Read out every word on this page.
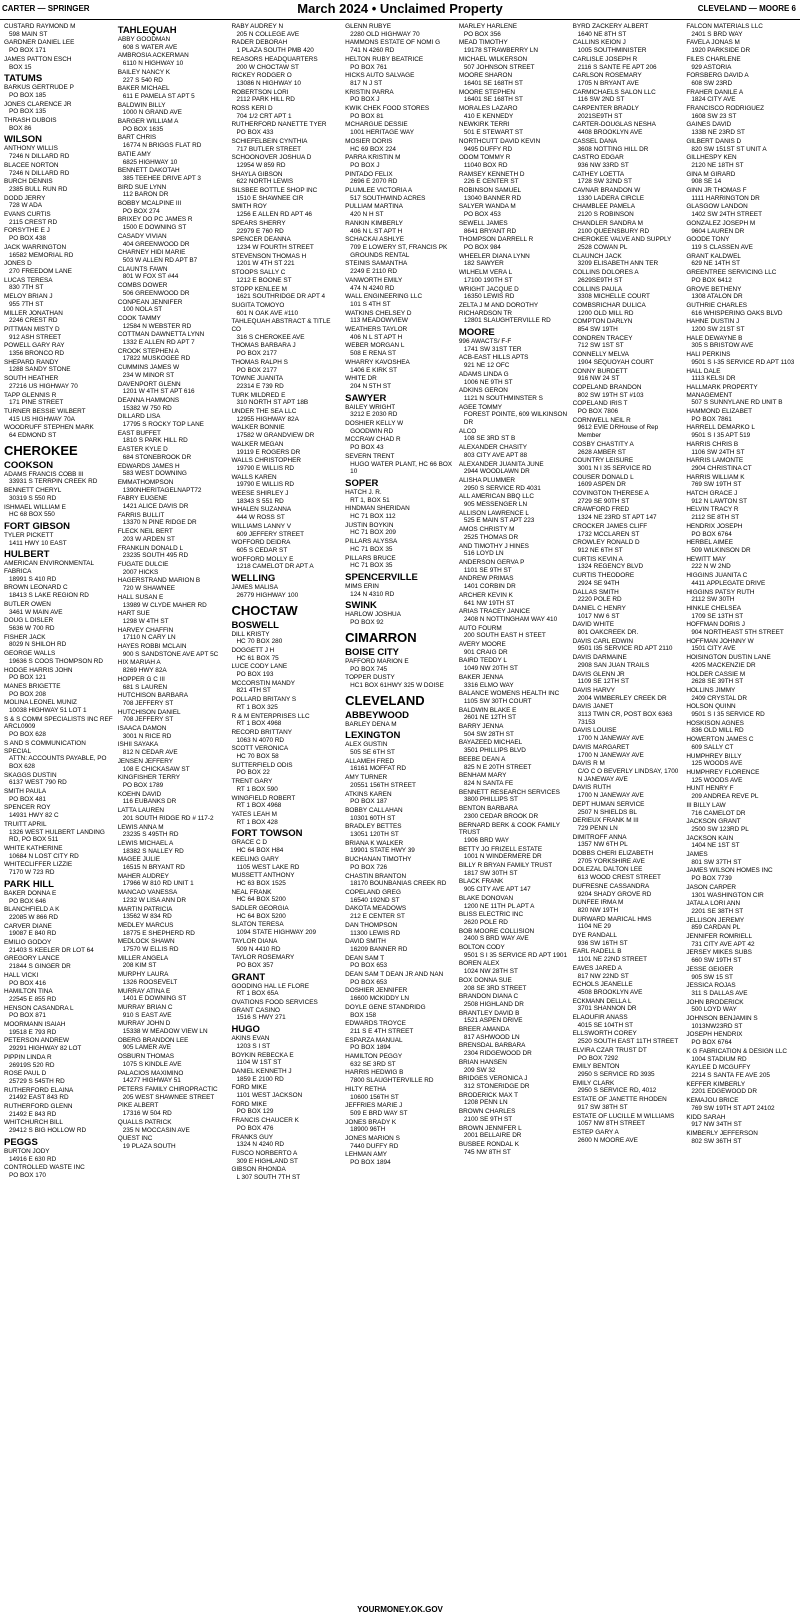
CARTER — SPRINGER	March 2024 • Unclaimed Property	CLEVELAND — MOORE 6
CUSTARD RAYMOND M
598 MAIN ST
GARDNER DANIEL LEE
PO BOX 171
JAMES PATTON ESCH
BOX 15
TATUMS
BARKUS GERTRUDE P
PO BOX 185
JONES CLARENCE JR
PO BOX 135
THRASH DUBOIS
BOX 86
WILSON
ANTHONY WILLIS
7246 N DILLARD RD
BLACEE NORTON
7246 N DILLARD RD
BURCH DENNIS
2385 BULL RUN RD
DODD JERRY
728 W ADA
EVANS CURTIS
2115 CREST RD
FORSYTHE E J
PO BOX 438
JACK WARRINGTON
16582 MEMORIAL RD
JONES D
270 FREEDOM LANE
LUCAS TERESA
830 7TH ST
MELOY BRIAN J
955 7TH ST
MILLER JONATHAN
2246 CREST RD
PITTMAN MISTY D
912 ASH STREET
POWELL GARY RAY
1356 BRONCO RD
SHEPARD RANDY
1288 SANDY STONE
SOUTH HEATHER
27216 US HIGHWAY 70
TAPP GLENNIS R
171 PINE STREET
TURNER BESSIE WILBERT
415 US HIGHWAY 70A
WOODRUFF STEPHEN MARK
64 EDMOND ST
CHEROKEE
COOKSON
ADAMS FRANCIS COBB III
33931 S TERRPIN CREEK RD
BENNETT CHERYL
30319 S 550 RD
ISHMAEL WILLIAM E
HC 68 BOX 550
FORT GIBSON
TYLER PICKETT
1411 HWY 10 EAST
HULBERT
AMERICAN ENVIRONMENTAL FABRICA
18991 S 410 RD
BROWN LEONARD C
18413 S LAKE REGION RD
BUTLER OWEN
3461 W MAIN AVE
DOUG L DISLER
5636 W 700 RD
FISHER JACK
8029 N SHILOH RD
GEORGE WALLS
19636 S COOS THOMPSON RD
HODGE HARRIS JOHN
PO BOX 121
MANES BRIGETTE
PO BOX 208
MOLINA LEONEL MUNIZ
10038 HIGHWAY 51 LOT 1
S & S COMM SPECIALISTS INC REF ARCL0909
PO BOX 628
S AND S COMMUNICATION SPECIAL
ATTN: ACCOUNTS PAYABLE, PO BOX 628
SKAGGS DUSTIN
6137 WEST 790 RD
SMITH PAULA
PO BOX 481
SPENCER ROY
14931 HWY 82 C
TRUITT APRIL
1326 WEST HULBERT LANDING RD, PO BOX 511
WHITE KATHERINE
10684 N LOST CITY RD
WHITECLIFFER LIZZIE
7170 W 723 RD
PARK HILL
BAKER DONNA E
PO BOX 646
BLANCHFIELD A K
22085 W 866 RD
CARVER DIANE
19087 E 840 RD
EMILIO GODOY
21403 S KEELER DR LOT 64
GREGORY LANCE
21844 S GINGER DR
HALL VICKI
PO BOX 416
HAMILTON TINA
22545 E 855 RD
HENSON CASANDRA L
PO BOX 871
MOORMANN ISAIAH
19518 E 793 RD
PETERSON ANDREW
29291 HIGHWAY 82 LOT
PIPPIN LINDA R
26919S 520 RD
ROSE PAUL D
25729 S 545TH RD
RUTHERFORD ELAINA
21492 EAST 843 RD
RUTHERFORD GLENN
21492 E 843 RD
WHITCHURCH BILL
29412 S BIG HOLLOW RD
PEGGS
BURTON JODY
14916 E 630 RD
CONTROLLED WASTE INC
PO BOX 170
TAHLEQUAH
ABBY GOODMAN
608 S WATER AVE
AMBROSIA ACKERMAN
6110 N HIGHWAY 10
BAILEY NANCY K
227 S 540 RD
BAKER MICHAEL
611 E PAMELA ST APT 5
BALDWIN BILLY
1000 N GRAND AVE
BARGER WILLIAM A
PO BOX 1635
BART CHRIS
16774 N BRIGGS FLAT RD
BATIE AMY
6825 HIGHWAY 10
BENNETT DAKOTAH
385 TEEHEE DRIVE APT 3
BIRD SUE LYNN
112 BARON DR
BOBBY MCALPINE III
PO BOX 274
BRIXEY DO PC JAMES R
1500 E DOWNING ST
CASADY VIVIAN
404 GREENWOOD DR
CHARNEY HIDI MARIE
503 W ALLEN RD APT B7
CLAUNTS FAWN
801 W FOX ST #44
COMBS DOWER
506 GREENWOOD DR
CONPEAN JENNIFER
100 NOLA ST
COOK TAMMY
12584 N WEBSTER RD
COTTMAN DAWNETTA LYNN
1332 E ALLEN RD APT 7
CROOK STEPHEN A
17822 MUSKOGEE RD
CUMMINS JAMES W
234 W MINOR ST
DAVENPORT GLENN
1201 W 4TH ST APT 616
DEANNA HAMMONS
15382 W 750 RD
DILLARD LISA
17795 S ROCKY TOP LANE
EAST BUFFET
1810 S PARK HILL RD
EASTER KYLE D
684 STONEBROOK DR
EDWARDS JAMES H
583 WEST DOWNING
EMMATHOMPSON
1390NHERITAGELNAPT72
FABRY EUGENE
1421 ALICE DAVIS DR
FARRIS BULLIT
13370 N PINE RIDGE DR
FLECK NEIL BERT
203 W ARDEN ST
FRANKLIN DONALD L
23235 SOUTH 495 RD
FUGATE DULCIE
2007 HICKS
HAGERSTRAND MARION B
720 W SHAWNEE
HALL SUSAN E
13989 W CLYDE MAHER RD
HART SUE
1298 W 4TH ST
HARVEY CHAFFIN
17110 N CARY LN
HAYES ROBBI MCLAIN
900 S SANDSTONE AVE APT 5C
HIX MARIAH A
8269 HWY 82A
HOPPER G C III
681 S LAUREN
HUTCHISON BARBARA
708 JEFFERY ST
HUTCHISON DANIEL
708 JEFFERY ST
ISAACA DAMON
3001 N RICE RD
ISHII SAYAKA
812 N CEDAR AVE
JENSEN JEFFERY
108 E CHICKASAW ST
KINGFISHER TERRY
PO BOX 1789
KOEHN DAVID
116 EUBANKS DR
LATTA LAUREN
201 SOUTH RIDGE RD # 117-2
LEWIS ANNA M
23235 S 495TH RD
LEWIS MICHAEL A
18382 S NALLEY RD
MAGEE JULIE
16515 N BRYANT RD
MAHER AUDREY
17966 W 810 RD UNIT 1
MANCAO VANESSA
1232 W LISA ANN DR
MARTIN PATRICIA
13562 W 834 RD
MEDLEY MARCUS
18775 E SHEPHERD RD
MEDLOCK SHAWN
17570 W ELLIS RD
MILLER ANGELA
208 KIM ST
MURPHY LAURA
1326 ROOSEVELT
MURRAY ATINA E
1401 E DOWNING ST
MURRAY BRIAN C
910 S EAST AVE
MURRAY JOHN D
15338 W MEADOW VIEW LN
OBERG BRANDON LEE
905 LAMER AVE
OSBURN THOMAS
1075 S KINDLE AVE
PALACIOS MAXIMINO
14277 HIGHWAY 51
PETERS FAMILY CHIROPRACTIC
205 WEST SHAWNEE STREET
PIKE ALBERT
17316 W 504 RD
QUALLS PATRICK
235 N MOCCASIN AVE
QUEST INC
19 PLAZA SOUTH
RABY AUDREY N
205 N COLLEGE AVE
RADER DEBORAH
1 PLAZA SOUTH PMB 420
REASORS HEADQUARTERS
200 W CHOCTAW ST
RICKEY RODGER O
13086 N HIGHWAY 10
ROBERTSON LORI
2112 PARK HILL RD
ROSS KERI D
704 1/2 CRT APT 1
RUTHERFORD NANETTE TYER
PO BOX 433
SCHIEFELBEIN CYNTHIA
717 BUTLER STREET
SCHOONOVER JOSHUA D
12954 W 859 RD
SHAYLA GIBSON
622 NORTH LEWIS
SILSBEE BOTTLE SHOP INC
1510 E SHAWNEE CIR
SMITH ROY
1256 E ALLEN RD APT 46
SPEARS SHERRY
22979 E 760 RD
SPENCER DEANNA
1234 W FOURTH STREET
STEVENSON THOMAS H
1201 W 4TH ST 221
STOOPS SALLY C
1212 E BOONE ST
STOPP KENLEE M
1621 SOUTHRIDGE DR APT 4
SUGITA TOMOYO
601 N OAK AVE #110
TAHLEQUAH ABSTRACT & TITLE CO
316 S CHEROKEE AVE
THOMAS BARBARA J
PO BOX 2177
THOMAS RALPH S
PO BOX 2177
TOWNE JUANITA
22314 E 739 RD
TURK MILDRED E
310 NORTH ST APT 18B
UNDER THE SEA LLC
12955 HIGHWAY 82A
WALKER BONNIE
17582 W GRANDVIEW DR
WALKER MEGAN
19119 E ROGERS DR
WALLS CHRISTOPHER
19790 E WILLIS RD
WALLS KAREN
19790 E WILLIS RD
WEESE SHIRLEY J
18343 S 551 RD
WHALEN SUZANNA
444 W ROSS ST
WILLIAMS LANNY V
609 JEFFERY STREET
WOFFORD DEIDRA
605 S CEDAR ST
WOFFORD MOLLY E
1218 CAMELOT DR APT A
WELLING
JAMES MALISA
26779 HIGHWAY 100
CHOCTAW
BOSWELL
DILL KRISTY
HC 70 BOX 280
DOGGETT J H
HC 61 BOX 75
LUCE CODY LANE
PO BOX 193
MCCORSTIN MANDY
821 4TH ST
POLLARD BRITANY S
RT 1 BOX 325
R & M ENTERPRISES LLC
RT 1 BOX 4968
RECORD BRITTANY
1063 N 4070 RD
SCOTT VERONICA
HC 70 BOX 58
SUTTERFIELD ODIS
PO BOX 22
TRENT GARY
RT 1 BOX 590
WINGFIELD ROBERT
RT 1 BOX 4968
YATES LEAH M
RT 1 BOX 428
FORT TOWSON
GRACE C D
HC 64 BOX H84
KEELING GARY
1105 WEST LAKE RD
MUSSETT ANTHONY
HC 63 BOX 1525
NEAL FRANK
HC 64 BOX 5200
SADLER GEORGIA
HC 64 BOX 5200
SLATON TERESA
1094 STATE HIGHWAY 209
TAYLOR DIANA
509 N 4410 RD
TAYLOR ROSEMARY
PO BOX 357
GRANT
GOODING HAL LE FLORE
RT 1 BOX 65A
OVATIONS FOOD SERVICES GRANT CASINO
1516 S HWY 271
HUGO
AKINS EVAN
1203 S I ST
BOYKIN REBECKA E
1104 W 1ST ST
DANIEL KENNETH J
1859 E 2100 RD
FORD MIKE
1101 WEST JACKSON
FORD MIKE
PO BOX 129
FRANCIS CHAUCER K
PO BOX 476
FRANKS GUY
1324 N 4240 RD
FUSCO NORBERTO A
309 E HIGHLAND ST
GIBSON RHONDA
L 307 SOUTH 7TH ST
GLENN RUBYE
2280 OLD HIGHWAY 70
HAMMONS ESTATE OF NOMI G
741 N 4260 RD
HELTON RUBY BEATRICE
PO BOX 761
HICKS AUTO SALVAGE
817 N J ST
KRISTIN PARRA
PO BOX J
KWIK CHEK FOOD STORES
PO BOX 81
MCHARGUE DESSIE
1001 HERITAGE WAY
MOSIER DORIS
HC 69 BOX 224
PARRA KRISTIN M
PO BOX J
PINTADO FELIX
2696 E 2070 RD
PLUMLEE VICTORIA A
517 SOUTHWIND ACRES
PULLIAM MARTINA
420 N H ST
RANKIN KIMBERLY
406 N L ST APT H
SCHACKAI ASHLYE
709 E LOWERY ST, FRANCIS PK GROUNDS RENTAL
STEINIS SAMANTHA
2249 E 2110 RD
VANWORTH EMILY
474 N 4240 RD
WALL ENGINEERING LLC
101 S 4TH ST
WATKINS CHELSEY D
113 MEADOWVIEW
WEATHERS TAYLOR
406 N L ST APT H
WEBER MORGAN L
508 E RENA ST
WHARRY KAVOSHEA
1406 E KIRK ST
WHITE DR
204 N 5TH ST
SAWYER
BAILEY WRIGHT
3212 E 2030 RD
DOSHIER KELLY W
GOODWIN RD
MCCRAW CHAD R
PO BOX 43
SEVERN TRENT
HUGO WATER PLANT, HC 66 BOX 10
SOPER
HATCH J. R.
RT 1, BOX 51
HINDMAN SHERIDAN
HC 71 BOX 112
JUSTIN BOYKIN
HC 71 BOX 209
PILLARS ALYSSA
HC 71 BOX 35
PILLARS BRUCE
HC 71 BOX 35
SPENCERVILLE
MIMS ERIN
124 N 4310 RD
SWINK
HARLOW JOSHUA
PO BOX 92
CIMARRON
BOISE CITY
PAFFORD MARION E
PO BOX 745
TOPPER DUSTY
HC1 BOX 61HWY 325 W DOISE
CLEVELAND
ABBEYWOOD
BARLEY DENA M
LEXINGTON
ALEX GUSTIN
505 SE 6TH ST
ALLAMEH FRED
16161 MOFFAT RD
AMY TURNER
20551 156TH STREET
ATKINS KAREN
PO BOX 187
BOBBY CALLAHAN
10301 60TH ST
BRADLEY BETTES
13051 120TH ST
BRIANA K WALKER
19901 STATE HWY 39
BUCHANAN TIMOTHY
PO BOX 726
CHASTIN BRANTON
18170 BOUNBANIAS CREEK RD
COPELAND GREG
16540 192ND ST
DAKOTA MEADOWS
212 E CENTER ST
DAN THOMPSON
11300 LEWIS RD
DAVID SMITH
16209 BANNER RD
DEAN SAM T
PO BOX 653
DEAN SAM T DEAN JR AND NAN
PO BOX 653
DOSHIER JENNIFER
16600 MCKIDDY LN
DOYLE GENE STANDRIDG
BOX 158
EDWARDS TROYCE
211 S E 4TH STREET
ESPARZA MANUAL
PO BOX 1894
HAMILTON PEGGY
632 SE 3RD ST
HARRIS HEDWIG B
7800 SLAUGHTERVILLE RD
HILTY RETHA
10600 156TH ST
JEFFRIES MARIE J
509 E BRD WAY ST
JONES BRADY K
18900 96TH
JONES MARION S
7440 DUFFY RD
LEHMAN AMY
PO BOX 1894
MARLEY HARLENE
PO BOX 356
MEAD TIMOTHY
19178 STRAWBERRY LN
MICHAEL WILKERSON
507 JOHNSON STREET
MOORE SHARON
16401 SE 168TH ST
MOORE STEPHEN
16401 SE 168TH ST
MORALES LAZARO
410 E KENNEDY
NEWKIRK TERRI
501 E STEWART ST
NORTHCUTT DAVID KEVIN
9495 DUFFY RD
ODOM TOMMY R
11040 BOX RD
RAMSEY KENNETH D
226 E CENTER ST
ROBINSON SAMUEL
13040 BANNER RD
SALYER WANDA M
PO BOX 453
SEWELL JAMES
8641 BRYANT RD
THOMPSON DARRELL R
PO BOX 984
WHEELER DIANA LYNN
182 SAWYER
WILHELM VERA L
17100 190TH ST
WRIGHT JACQUE D
16350 LEWIS RD
ZELTA J M AND DOROTHY RICHARDSON TR
12801 SLAUGHTERVILLE RD
MOORE
996 AWACTS/ F-F
1741 SW 31ST TER
ACB-EAST HILLS APTS
921 NE 12 OFC
ADAMS LINDA G
1006 NE 9TH ST
ADKINS GERON
1121 N SOUTHMINSTER S
AGEE TOMMY
FOREST POINTE, 609 WILKINSON DR
ALCO
108 SE 3RD ST B
ALEXANDER CHASITY
803 CITY AVE APT 88
ALEXANDER JUANITA JUNE
2944 WOODLAWN DR
ALISHA PLUMMER
2950 S SERVICE RD 4031
ALL AMERICAN BBQ LLC
905 MESSENGER LN
ALLISON LAWRENCE L
525 E MAIN ST APT 223
AMOS CHRISTY M
2525 THOMAS DR
AND TIMOTHY J HINES
516 LOYD LN
ANDERSON GERVA P
1101 SE 9TH ST
ANDREW PRIMAS
1401 CORBIN DR
ARCHER KEVIN K
641 NW 19TH ST
ARIAS TRACEY JANICE
2408 N NOTTINGHAM WAY 410
AUTO FOURM
200 SOUTH EAST H STEET
AVERY MOORE
901 CRAIG DR
BAIRD TEDDY L
1049 NW 20TH ST
BAKER JENNA
3316 ELMO WAY
BALANCE WOMENS HEALTH INC
1105 SW 30TH COURT
BALDWIN BLAKE E
2601 NE 12TH ST
BARRY JENNA
504 SW 28TH ST
BAYAZEED MICHAEL
3501 PHILLIPS BLVD
BEEBE DEAN A
825 N E 20TH STREET
BENHAM MARY
824 N SANTA FE
BENNETT RESEARCH SERVICES
3800 PHILLIPS ST
BENTON BARBARA
2300 CEDAR BROOK DR
BERNARD BERK & COOK FAMILY TRUST
1906 BRD WAY
BETTY JO FRIZELL ESTATE
1001 N WINDERMERE DR
BILLY R BRYAN FAMILY TRUST
1817 SW 30TH ST
BLACK FRANK
905 CITY AVE APT 147
BLAKE DONOVAN
1200 NE 11TH PL APT A
BLISS ELECTRIC INC
2620 POLE RD
BOB MOORE COLLISION
2400 S BRD WAY AVE
BOLTON CODY
9501 S I 35 SERVICE RD APT 1901
BOREN ALEX
1024 NW 28TH ST
BOX DONNA SUE
208 SE 3RD STREET
BRANDON DIANA C
2508 HIGHLAND DR
BRANTLEY DAVID B
1521 ASPEN DRIVE
BREER AMANDA
817 ASHWOOD LN
BRENSDAL BARBARA
2304 RIDGEWOOD DR
BRIAN HANSEN
209 SW 32
BRIDGES VERONICA J
312 STONERIDGE DR
BRODERICK MAX T
1208 PENN LN
BROWN CHARLES
2100 SE 9TH ST
BROWN JENNIFER L
2001 BELLAIRE DR
BUSBEE RONDAL K
745 NW 8TH ST
BYRD ZACKERY ALBERT
1640 NE 8TH ST
CALLINS KEION J
1005 SOUTHMINISTER
CARLISLE JOSEPH R
2116 S SANTE FE APT 206
CARLSON ROSEMARY
1705 N BRYANT AVE
CARMICHAELS SALON LLC
116 SW 2ND ST
CARPENTER BRADLY
2021SE9TH ST
CARTER-DOUGLAS NESHA
4408 BROOKLYN AVE
CASSEL DANA
3608 NOTTING HILL DR
CASTRO EDGAR
936 NW 33RD ST
CATHEY LOETTA
1728 SW 32ND ST
CAVNAR BRANDON W
1330 LADERA CIRCLE
CHAMBLEE PAMELA
2120 S ROBINSON
CHANDLER SANDRA M
2100 QUEENSBURY RD
CHEROKEE VALVE AND SUPPLY
2528 COWAN PL
CLAUNCH JACK
3209 ELISABETH ANN TER
COLLINS DOLORES A
2629SE9TH ST
COLLINS PAULA
3308 MICHELLE COURT
COMBSRICHAR DULICA
1200 OLD MILL RD
COMPTON DARLYN
854 SW 19TH
CONDREN TRACEY
712 SW 1ST ST
CONNELLY MELVA
1904 SEQUOYAH COURT
CONNY BURDETT
916 NW 24 ST
COPELAND BRANDON
802 SW 19TH ST #103
COPELAND IRIS T
PO BOX 7806
CORNWELL NEIL R
9612 EVIE DRHouse of Rep Member
COSBY CHASTITY A
2628 AMBER ST
COUNTRY LEISURE
3001 N I 35 SERVICE RD
COUSER DONALD L
1609 ASPEN DR
COVINGTON THERESE A
2729 SE 90TH ST
CRAWFORD FRED
1324 NE 23RD ST APT 147
CROCKER JAMES CLIFF
1732 MCCLAREN ST
CROWLEY RONALD D
912 NE 6TH ST
CURTIS KEVIN A
1324 REGENCY BLVD
CURTIS THEODORE
2924 SE 94TH
DALLAS SMITH
2220 POLE RD
DANIEL C HENRY
1017 NW 6 ST
DAVID WHITE
801 OAKCREEK DR.
DAVIS CARL EDWIN
9501 I35 SERVICE RD APT 2110
DAVIS DARMAINE
2908 SAN JUAN TRAILS
DAVIS GLENN JR
1109 SE 12TH ST
DAVIS HARVY
2004 WIMBERLEY CREEK DR
DAVIS JANET
3113 TWIN CR, POST BOX 6363 73153
DAVIS LOUISE
1700 N JANEWAY AVE
DAVIS MARGARET
1700 N JANEWAY AVE
DAVIS R M
C/O C O BEVERLY LINDSAY, 1700 N JANEWAY AVE
DAVIS RUTH
1700 N JANEWAY AVE
DEPT HUMAN SERVICE
2507 N SHIELDS BL
DERIEUX FRANK M III
729 PENN LN
DIMITROFF ANNA
1357 NW 6TH PL
DOBBS CHERI ELIZABETH
2705 YORKSHIRE AVE
DOLEZAL DALTON LEE
613 WOOD CREST STREET
DUFRESNE CASSANDRA
9204 SHADY GROVE RD
DUNFEE IRMA M
820 NW 19TH
DURWARD MARICAL HMS
1104 NE 29
DYE RANDALL
936 SW 16TH ST
EARL RADELL B
1101 NE 22ND STREET
EAVES JARED A
817 NW 22ND ST
ECHOLS JEANELLE
4508 BROOKLYN AVE
ECKMANN DELLA L
3701 SHANNON DR
ELAOUFIR ANASS
4015 SE 104TH ST
ELLSWORTH COREY
2520 SOUTH EAST 11TH STREET
ELVIRA CZAR TRUST DT
PO BOX 7292
EMILY BENTON
2950 S SERVICE RD 3935
EMILY CLARK
2950 S SERVICE RD, 4012
ESTATE OF JANETTE RHODEN
917 SW 38TH ST
ESTATE OF LUCILLE M WILLIAMS
1057 NW 8TH STREET
ESTEP GARY A
2600 N MOORE AVE
FALCON MATERIALS LLC
2401 S BRD WAY
FAVELA JONAS M
1920 PARKSIDE DR
FILES CHARLENE
929 ASTORIA
FORSBERG DAVID A
608 SW 23RD
FRAHER DANILE A
1824 CITY AVE
FRANCISCO RODRIGUEZ
1608 SW 23 ST
GAINES DAVID
133B NE 23RD ST
GILBERT DANIS D
820 SW 151ST ST UNIT A
GILLHESPY KEN
2120 NE 18TH ST
GINA M GIRARD
908 SE 14
GINN JR THOMAS F
1111 HARRINGTON DR
GLASGOW LANDON
1402 SW 24TH STREET
GONZALEZ JOSEPH M
9604 LAUREN DR
GOODE TONY
119 S CLASSEN AVE
GRANT KALDWEL
629 NE 14TH ST
GREENTREE SERVICING LLC
PO BOX 6412
GROVE BETHENY
1308 ATALON DR
GUTHRIE CHARLES
616 WHISPERING OAKS BLVD
HAHNE DUSTIN J
1200 SW 21ST ST
HALE DEWAYNE B
305 S BRISTOW AVE
HALI PERKINS
9501 S I-35 SERVICE RD APT 1103
HALL DALE
1113 KELSI DR
HALLMARK PROPERTY MANAGEMENT
507 S SUNNYLANE RD UNIT B
HAMMOND ELIZABET
PO BOX 7861
HARRELL DEMARKO L
9501 S I 35 APT 519
HARRIS CHRIS B
1106 SW 24TH ST
HARRIS LAMONTE
2904 CHRISTINA CT
HARRIS WILLIAM K
769 SW 19TH ST
HATCH GRACE J
912 N LAWTON ST
HELVIN TRACY R
2112 SE 8TH ST
HENDRIX JOSEPH
PO BOX 6764
HERBEL AIMEE
509 WILKINSON DR
HEWITT MAY
222 N W 2ND
HIGGINS JUANITA C
4411 APPLEGATE DRIVE
HIGGINS PATSY RUTH
2112 SW 30TH
HINKLE CHELSEA
1709 SE 13TH ST
HOFFMAN DORIS J
904 NORTHEAST 5TH STREET
HOFFMAN JOHNNY W
1501 CITY AVE
HOISINGTON DUSTIN LANE
4205 MACKENZIE DR
HOLDER CASSIE M
2628 SE 39TH ST
HOLLINS JIMMY
2409 CRYSTAL DR
HOLSON QUINN
9501 S I 35 SERVICE RD
HOSKISON AGNES
836 OLD MILL RD
HOWERTON JAMES C
609 SALLY CT
HUMPHREY BILLY
125 WOODS AVE
HUMPHREY FLORENCE
125 WOODS AVE
HUNT HENRY F
209 ANDREA REVE PL
III BILLY LAW
716 CAMELOT DR
JACKSON GRANT
2500 SW 123RD PL
JACKSON KAIN
1404 NE 1ST ST
JAMES
801 SW 37TH ST
JAMES WILSON HOMES INC
PO BOX 7739
JASON CARPER
1301 WASHINGTON CIR
JATALA LORI ANN
2201 SE 38TH ST
JELLISON JEREMY
859 CARDAN PL
JENNIFER ROMRIELL
731 CITY AVE APT 42
JERSEY MIKES SUBS
660 SW 19TH ST
JESSE GEIGER
905 SW 15 ST
JESSICA ROJAS
311 S DALLAS AVE
JOHN BRODERICK
500 LOYD WAY
JOHNSON BENJAMIN S
1013NW23RD ST
JOSEPH HENDRIX
PO BOX 6764
K G FABRICATION & DESIGN LLC
1004 STADIUM RD
KAYLEE D MCGUFFY
2214 S SANTA FE AVE 205
KEFFER KIMBERLY
2201 EDGEWOOD DR
KEMAJOU BRICE
769 SW 19TH ST APT 24102
KIDD SARAH
917 NW 34TH ST
KIMBERLY JEFFERSON
802 SW 36TH ST
YOURMONEY.OK.GOV
